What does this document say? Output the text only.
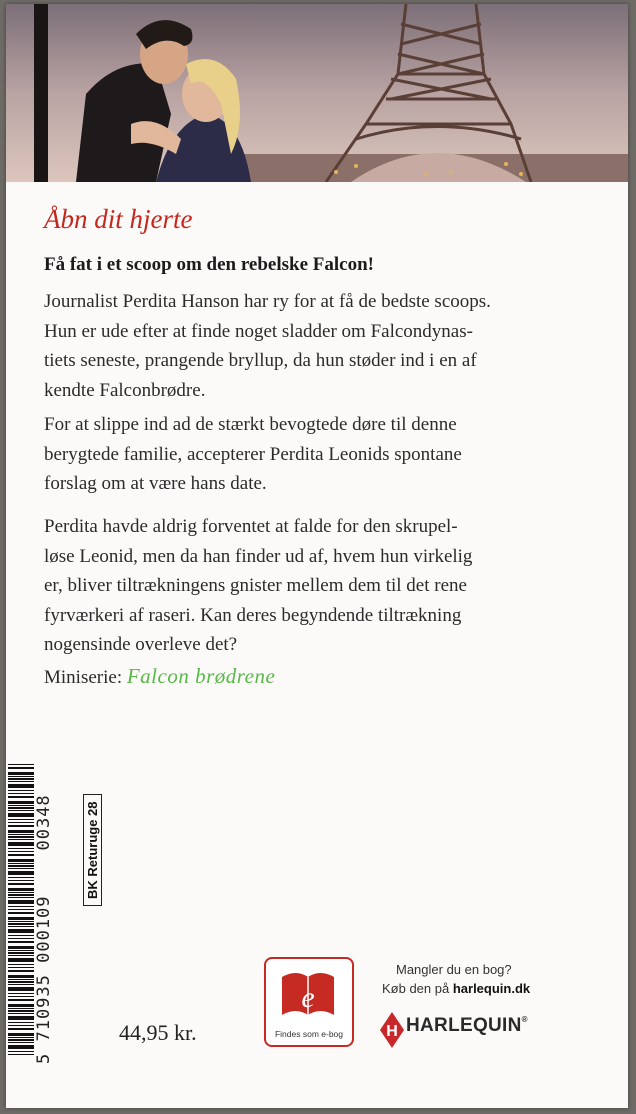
Åbn dit hjerte
Få fat i et scoop om den rebelske Falcon!

Journalist Perdita Hanson har ry for at få de bedste scoops.
Hun er ude efter at finde noget sladder om Falcondynas-
tiets seneste, prangende bryllup, da hun støder ind i en af
kendte Falconbrødre.

For at slippe ind ad de stærkt bevogtede døre til denne
berygtede familie, accepterer Perdita Leonids spontane
forslag om at være hans date.

Perdita havde aldrig forventet at falde for den skrupel-
løse Leonid, men da han finder ud af, hvem hun virkelig
er, bliver tiltrækningens gnister mellem dem til det rene
fyrværkeri af raseri. Kan deres begyndende tiltrækning
nogensinde overleve det?

Miniserie: Falcon brødrene
5 710935 000109    00348 BK Returuge 28
44,95 kr.
e
Findes som e-bog
Mangler du en bog?
Køb den på harlequin.dk
H HARLEQUIN®
